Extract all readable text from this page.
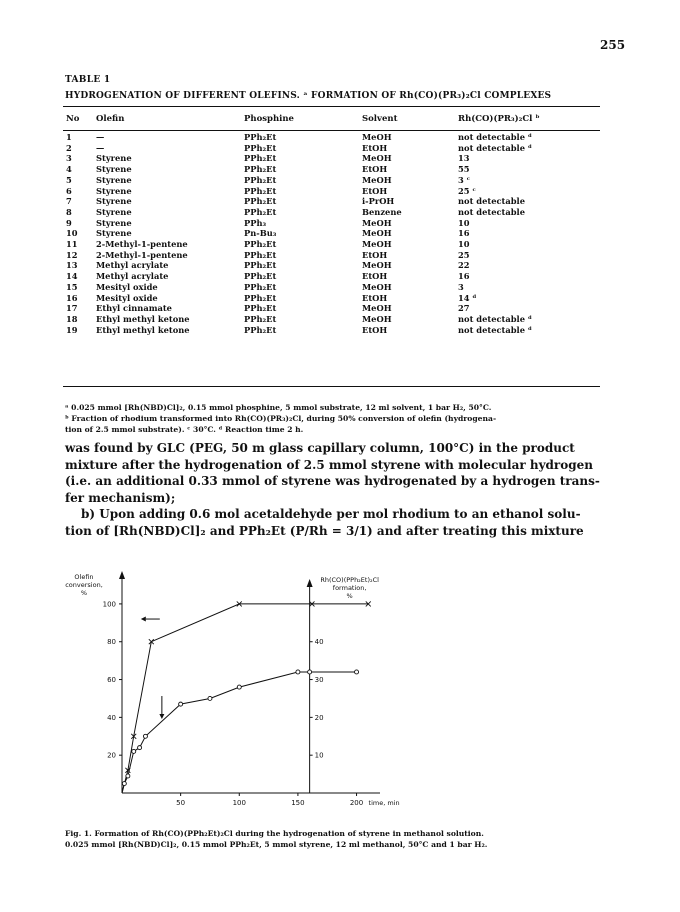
255
TABLE 1
HYDROGENATION OF DIFFERENT OLEFINS. ᵃ FORMATION OF Rh(CO)(PR₃)₂Cl COMPLEXES
No	Olefin	Phosphine	Solvent	Rh(CO)(PR₃)₂Cl ᵇ
1	—	PPh₂Et	MeOH	not detectable ᵈ
2	—	PPh₂Et	EtOH	not detectable ᵈ
3	Styrene	PPh₂Et	MeOH	13
4	Styrene	PPh₂Et	EtOH	55
5	Styrene	PPh₂Et	MeOH	3 ᶜ
6	Styrene	PPh₂Et	EtOH	25 ᶜ
7	Styrene	PPh₂Et	i-PrOH	not detectable
8	Styrene	PPh₂Et	Benzene	not detectable
9	Styrene	PPh₃	MeOH	10
10	Styrene	Pn-Bu₃	MeOH	16
11	2-Methyl-1-pentene	PPh₂Et	MeOH	10
12	2-Methyl-1-pentene	PPh₂Et	EtOH	25
13	Methyl acrylate	PPh₂Et	MeOH	22
14	Methyl acrylate	PPh₂Et	EtOH	16
15	Mesityl oxide	PPh₂Et	MeOH	3
16	Mesityl oxide	PPh₂Et	EtOH	14 ᵈ
17	Ethyl cinnamate	PPh₂Et	MeOH	27
18	Ethyl methyl ketone	PPh₂Et	MeOH	not detectable ᵈ
19	Ethyl methyl ketone	PPh₂Et	EtOH	not detectable ᵈ

ᵃ 0.025 mmol [Rh(NBD)Cl]₂, 0.15 mmol phosphine, 5 mmol substrate, 12 ml solvent, 1 bar H₂, 50°C.

ᵇ Fraction of rhodium transformed into Rh(CO)(PR₃)₂Cl, during 50% conversion of olefin (hydrogena-

tion of 2.5 mmol substrate). ᶜ 30°C. ᵈ Reaction time 2 h.

was found by GLC (PEG, 50 m glass capillary column, 100°C) in the product

mixture after the hydrogenation of 2.5 mmol styrene with molecular hydrogen

(i.e. an additional 0.33 mmol of styrene was hydrogenated by a hydrogen trans-

fer mechanism);

b) Upon adding 0.6 mol acetaldehyde per mol rhodium to an ethanol solu-

tion of [Rh(NBD)Cl]₂ and PPh₂Et (P/Rh = 3/1) and after treating this mixture

50	100	150	200 time, min
20
40
60
80
100
Olefin
conversion,
%
10
20
30
40
Rh(CO)(PPh₂Et)₂Cl
formation,
%

Fig. 1. Formation of Rh(CO)(PPh₂Et)₂Cl during the hydrogenation of styrene in methanol solution.

0.025 mmol [Rh(NBD)Cl]₂, 0.15 mmol PPh₂Et, 5 mmol styrene, 12 ml methanol, 50°C and 1 bar H₂.
